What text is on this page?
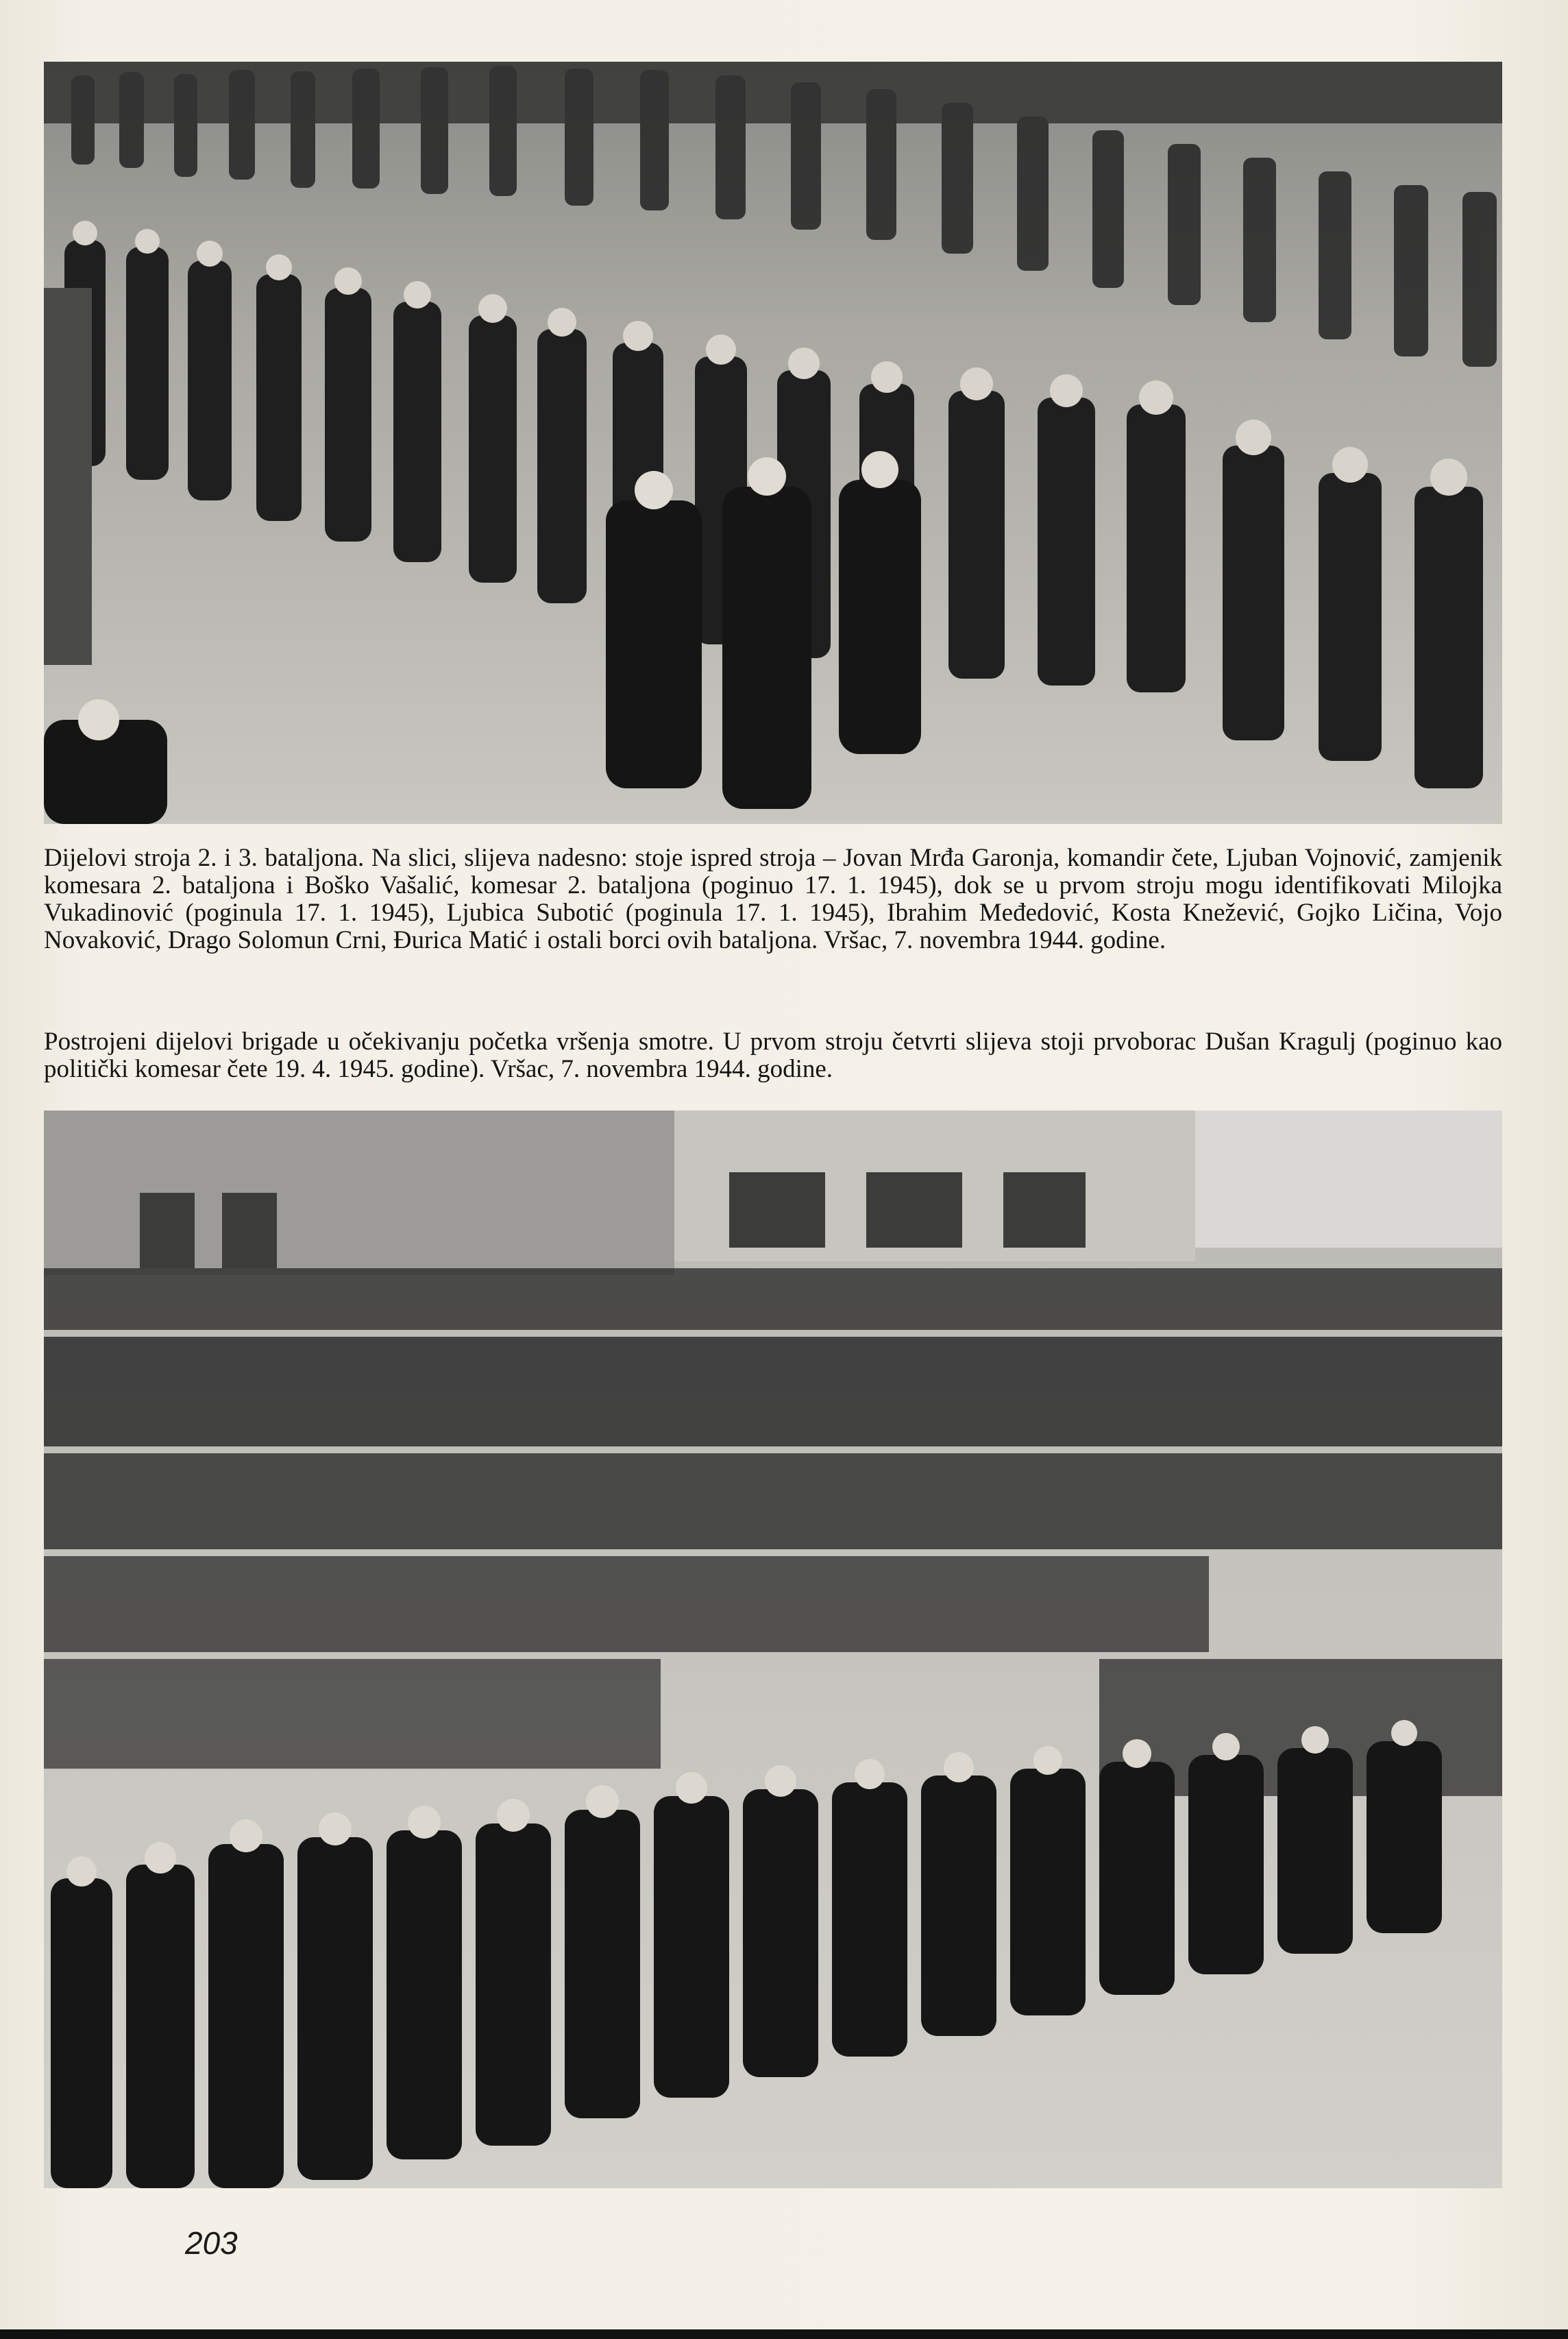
Dijelovi stroja 2. i 3. bataljona. Na slici, slijeva nadesno: stoje ispred stroja – Jovan Mrđa Garonja, komandir čete, Ljuban Vojnović, zamjenik komesara 2. bataljona i Boško Vašalić, komesar 2. bataljona (poginuo 17. 1. 1945), dok se u prvom stroju mogu identifikovati Milojka Vukadinović (poginula 17. 1. 1945), Ljubica Subotić (poginula 17. 1. 1945), Ibrahim Međedović, Kosta Knežević, Gojko Ličina, Vojo Novaković, Drago Solomun Crni, Đurica Matić i ostali borci ovih bataljona. Vršac, 7. novembra 1944. godine.

Postrojeni dijelovi brigade u očekivanju početka vršenja smotre. U prvom stroju četvrti slijeva stoji prvoborac Dušan Kragulj (poginuo kao politički komesar čete 19. 4. 1945. godine). Vršac, 7. novembra 1944. godine.

203
